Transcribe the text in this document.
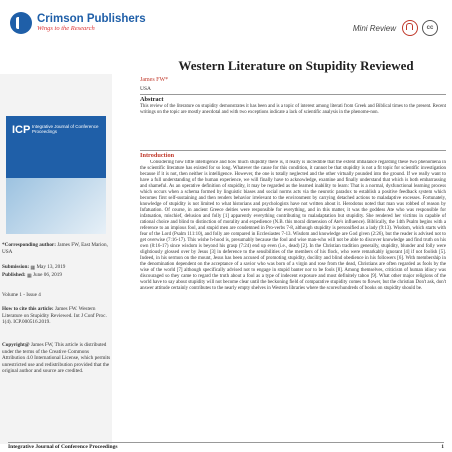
Crimson Publishers
Wings to the Research	Mini Review	cc
Western Literature on Stupidity Reviewed
ICP Integrative Journal of Conference Proceedings
*Corresponding author: James FW, East Marion, USA
Submission: ▦ May 13, 2019
Published: ▦ June 06, 2019
Volume 1 - Issue 4
How to cite this article: James FW. Western Literature on Stupidity Reviewed. Int J Conf Proc. 1(4). ICP.000516.2019.
Copyright@ James FW, This article is distributed under the terms of the Creative Commons Attribution 4.0 International License, which permits unrestricted use and redistribution provided that the original author and source are credited.
James FW*
USA
Abstract
This review of the literature on stupidity demonstrates it has been and is a topic of interest among literati from Greek and Biblical times to the present. Recent writings on the topic are mostly anecdotal and with two exceptions indicate a lack of scientific analysis in the phenome-non.
Introduction
Considering how little intelligence and how much stupidity there is, it really is incredible that the extent imbalance regarding these two phenomena in the scientific literature has existed for so long. Whatever the cause for this condition, it cannot be that stupidity is not a fit topic for scientific investigation because if it is not, then neither is intelligence. However, the one is totally neglected and the other virtually pounded into the ground. If we really want to have a full understanding of the human experience, we will finally have to acknowledge, examine and finally understand that which is both embarrassing and shameful. As an operative definition of stupidity, it may be regarded as the learned inability to learn: That is a normal, dysfunctional learning process which occurs when a schema formed by linguistic biases and social norms acts via the neurotic paradox to establish a positive feedback system which becomes first self-sustaining and then renders behavior irrelevant to the environment by carrying detached actions to maladaptive excesses. Fortunately, knowledge of stupidity is not limited to what historians and psychologists have not written about it. Herodotus noted that man was robbed of reason by Infatuation. Of course, in ancient Greece deities were responsible for everything, and in this matter, it was the goddess Ate who was responsible for infatuation, mischief, delusion and folly [1] apparently everything contributing to maladaptation but stupidity. She rendered her victims in capable of rational choice and blind to distinction of morality and expedience (N.B. this moral dimension of Ate's influence). Biblically, the 14th Psalm begins with a reference to an impious fool, and stupid men are condemned in Pro-verbs 7-8, although stupidity is personified as a lady (9:13). Wisdom, which starts with fear of the Lord (Psalm 111:10), and folly are compared in Ecclesiastes 7-13. Wisdom and knowledge are God given (2:26), but the reader is advised not to get overwise (7:16-17). This wishe h-hood is, presumably because the fool and wise man-who will not be able to discover knowledge and find truth on his own (8:16-17) since wisdom is beyond his grasp (7:24) end up even (i.e., dead) [2]. In the Christian tradition generally, stupidity, blunder and folly were slightiously glossed over by Jesus [3] in deference to the sensibilities of the members of his flock, who were remarkably ignorant [4] if not foolish [5]. Indeed, in his sermon on the mount, Jesus has been accused of promoting stupidity, docility and blind obedience in his followers [6]. With membership in the denomination dependent on the acceptance of a savior who was born of a virgin and rose from the dead, Christians are often regarded as fools by the wise of the world [7] although specifically advised not to engage in stupid banter nor to be fools [8]. Among themselves, criticism of human idiocy was discouraged so they came to regard the truth about a fool as a type of indecent exposure and most definitely taboo [9]. What other major religions of the world have to say about stupidity will not become clear until the beckoning field of comparative stupidity comes to flower, but the christian Don't ask, don't answer attitude certainly contributes to the nearly empty shelves in Western libraries where the scores/hundreds of books on stupidity should be.
Integrative Journal of Conference Proceedings	1
